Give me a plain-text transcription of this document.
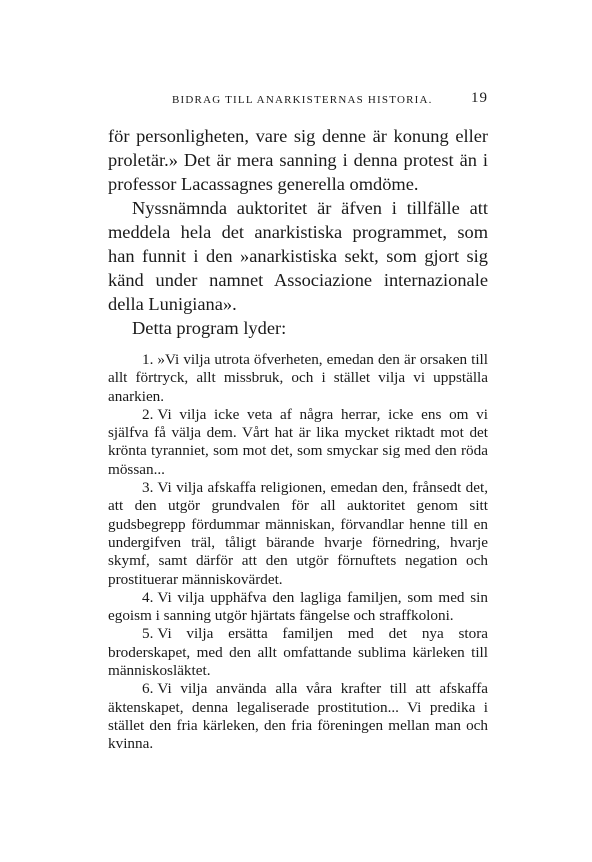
BIDRAG TILL ANARKISTERNAS HISTORIA.	19

för personligheten, vare sig denne är konung eller proletär.» Det är mera sanning i denna protest än i professor Lacassagnes generella omdöme.

Nyssnämnda auktoritet är äfven i tillfälle att meddela hela det anarkistiska programmet, som han funnit i den »anarkistiska sekt, som gjort sig känd under namnet Associazione internazionale della Lunigiana».

Detta program lyder:

1. »Vi vilja utrota öfverheten, emedan den är orsaken till allt förtryck, allt missbruk, och i stället vilja vi uppställa anarkien.

2. Vi vilja icke veta af några herrar, icke ens om vi själfva få välja dem. Vårt hat är lika mycket riktadt mot det krönta tyranniet, som mot det, som smyckar sig med den röda mössan...

3. Vi vilja afskaffa religionen, emedan den, frånsedt det, att den utgör grundvalen för all auktoritet genom sitt gudsbegrepp fördummar människan, förvandlar henne till en undergifven träl, tåligt bärande hvarje förnedring, hvarje skymf, samt därför att den utgör förnuftets negation och prostituerar människovärdet.

4. Vi vilja upphäfva den lagliga familjen, som med sin egoism i sanning utgör hjärtats fängelse och straffkoloni.

5. Vi vilja ersätta familjen med det nya stora broderskapet, med den allt omfattande sublima kärleken till människosläktet.

6. Vi vilja använda alla våra krafter till att afskaffa äktenskapet, denna legaliserade prostitution... Vi predika i stället den fria kärleken, den fria föreningen mellan man och kvinna.
